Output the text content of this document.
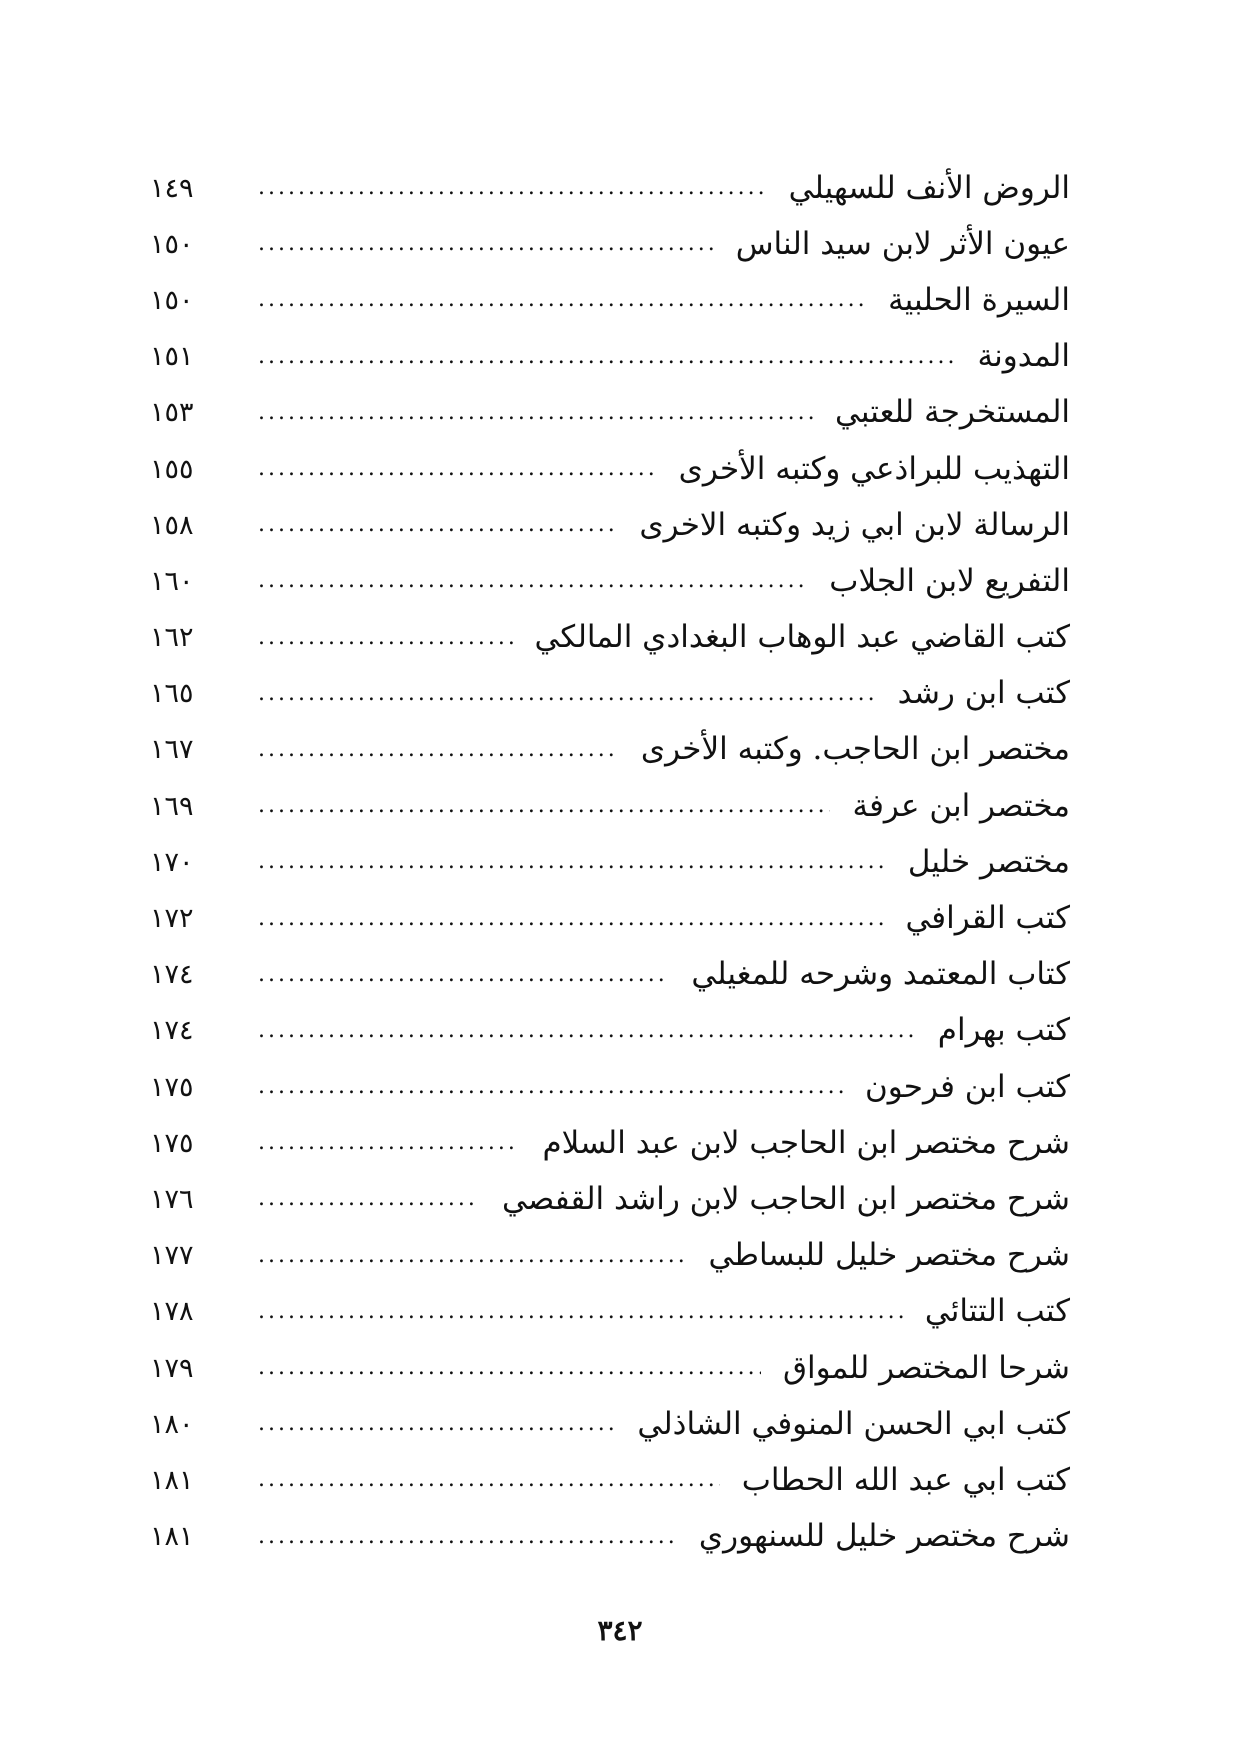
الروض الأنف للسهيلي
.....
١٤٩
عيون الأثر لابن سيد الناس
.....
١٥٠
السيرة الحلبية
.....
١٥٠
المدونة
.....
١٥١
المستخرجة للعتبي
.....
١٥٣
التهذيب للبراذعي وكتبه الأخرى
.....
١٥٥
الرسالة لابن ابي زيد وكتبه الاخرى
.....
١٥٨
التفريع لابن الجلاب
.....
١٦٠
كتب القاضي عبد الوهاب البغدادي المالكي
.....
١٦٢
كتب ابن رشد
.....
١٦٥
مختصر ابن الحاجب. وكتبه الأخرى
.....
١٦٧
مختصر ابن عرفة
.....
١٦٩
مختصر خليل
.....
١٧٠
كتب القرافي
.....
١٧٢
كتاب المعتمد وشرحه للمغيلي
.....
١٧٤
كتب بهرام
.....
١٧٤
كتب ابن فرحون
.....
١٧٥
شرح مختصر ابن الحاجب لابن عبد السلام
.....
١٧٥
شرح مختصر ابن الحاجب لابن راشد القفصي
.....
١٧٦
شرح مختصر خليل للبساطي
.....
١٧٧
كتب التتائي
.....
١٧٨
شرحا المختصر للمواق
.....
١٧٩
كتب ابي الحسن المنوفي الشاذلي
.....
١٨٠
كتب ابي عبد الله الحطاب
.....
١٨١
شرح مختصر خليل للسنهوري
.....
١٨١
٣٤٢
